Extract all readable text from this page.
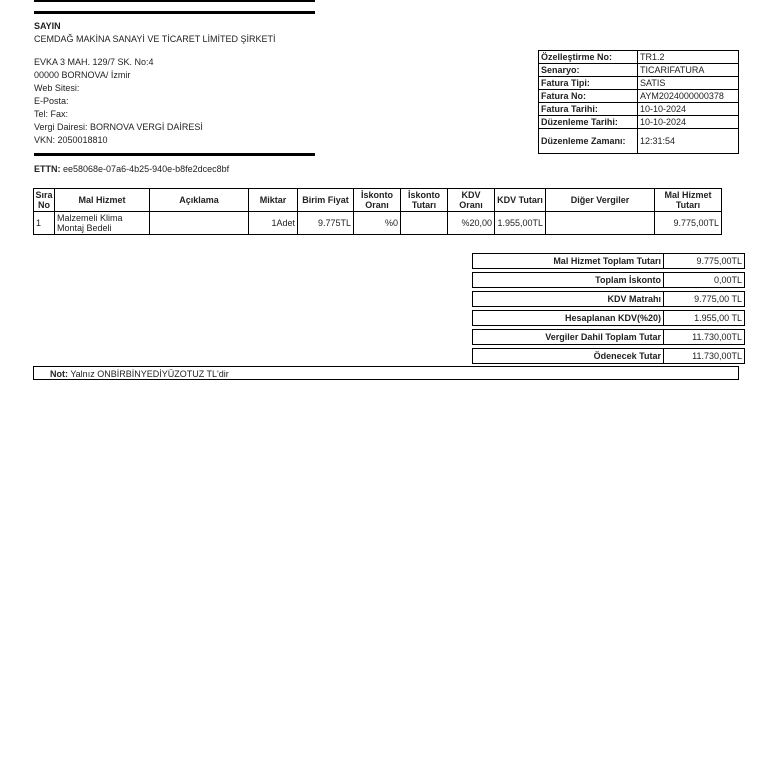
SAYIN
CEMDAĞ MAKİNA SANAYİ VE TİCARET LİMİTED ŞİRKETİ
EVKA 3 MAH. 129/7 SK. No:4
00000 BORNOVA/ İzmir
Web Sitesi:
E-Posta:
Tel: Fax:
Vergi Dairesi: BORNOVA VERGİ DAİRESİ
VKN: 2050018810
Özelleştirme No:	TR1.2
Senaryo:	TICARIFATURA
Fatura Tipi:	SATIS
Fatura No:	AYM2024000000378
Fatura Tarihi:	10-10-2024
Düzenleme Tarihi:	10-10-2024
Düzenleme Zamanı:	12:31:54
ETTN: ee58068e-07a6-4b25-940e-b8fe2dcec8bf
Sıra No	Mal Hizmet	Açıklama	Miktar	Birim Fiyat	İskonto Oranı	İskonto Tutarı	KDV Oranı	KDV Tutarı	Diğer Vergiler	Mal Hizmet Tutarı
1	Malzemeli Klima Montaj Bedeli		1Adet	9.775TL	%0		%20,00	1.955,00TL		9.775,00TL
Mal Hizmet Toplam Tutarı	9.775,00TL

Toplam İskonto	0,00TL

KDV Matrahı	9.775,00 TL

Hesaplanan KDV(%20)	1.955,00 TL

Vergiler Dahil Toplam Tutar	11.730,00TL

Ödenecek Tutar	11.730,00TL
Not: Yalnız ONBİRBİNYEDİYÜZOTUZ TL'dir
